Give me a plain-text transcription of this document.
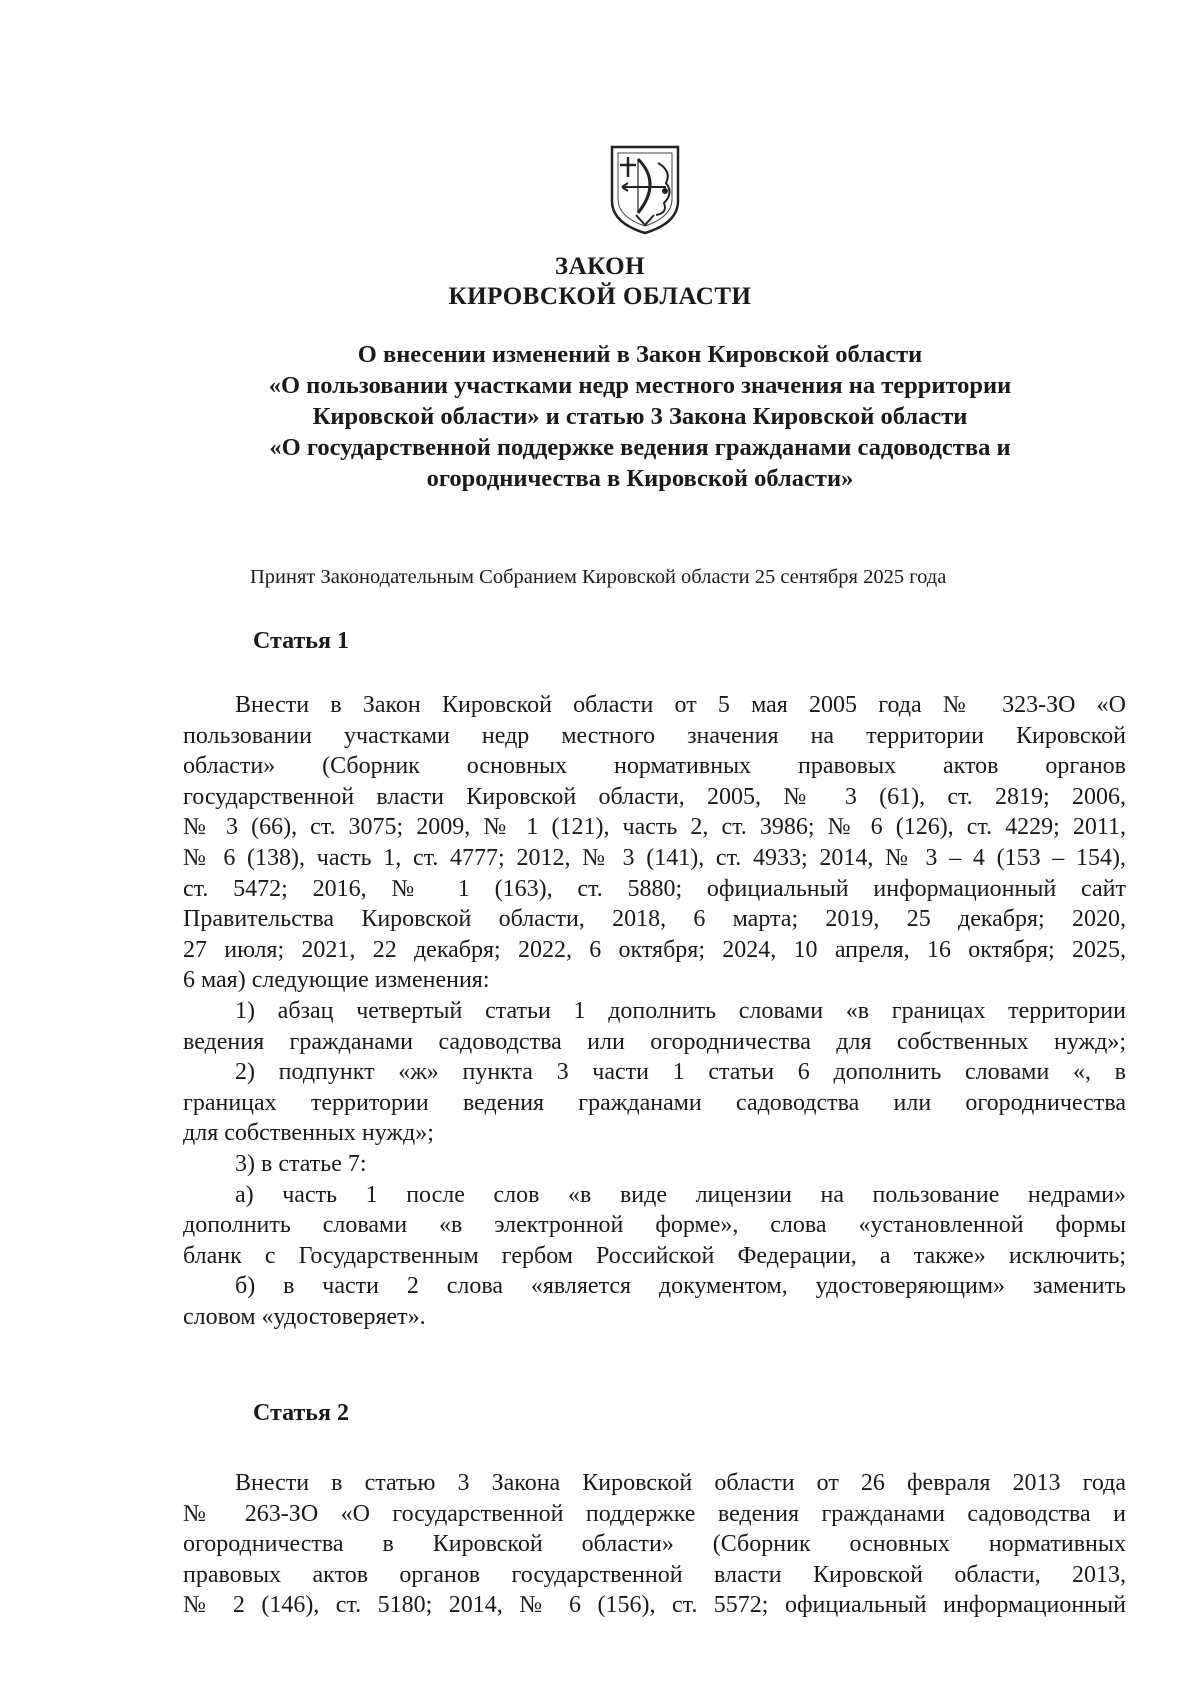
ЗАКОН
КИРОВСКОЙ ОБЛАСТИ
О внесении изменений в Закон Кировской области
«О пользовании участками недр местного значения на территории
Кировской области» и статью 3 Закона Кировской области
«О государственной поддержке ведения гражданами садоводства и
огородничества в Кировской области»
Принят Законодательным Собранием Кировской области 25 сентября 2025 года
Статья 1
Внести в Закон Кировской области от 5 мая 2005 года № 323-ЗО «О
пользовании участками недр местного значения на территории Кировской
области» (Сборник основных нормативных правовых актов органов
государственной власти Кировской области, 2005, № 3 (61), ст. 2819; 2006,
№ 3 (66), ст. 3075; 2009, № 1 (121), часть 2, ст. 3986; № 6 (126), ст. 4229; 2011,
№ 6 (138), часть 1, ст. 4777; 2012, № 3 (141), ст. 4933; 2014, № 3 – 4 (153 – 154),
ст. 5472; 2016, № 1 (163), ст. 5880; официальный информационный сайт
Правительства Кировской области, 2018, 6 марта; 2019, 25 декабря; 2020,
27 июля; 2021, 22 декабря; 2022, 6 октября; 2024, 10 апреля, 16 октября; 2025,
6 мая) следующие изменения:
1) абзац четвертый статьи 1 дополнить словами «в границах территории
ведения гражданами садоводства или огородничества для собственных нужд»;
2) подпункт «ж» пункта 3 части 1 статьи 6 дополнить словами «, в
границах территории ведения гражданами садоводства или огородничества
для собственных нужд»;
3) в статье 7:
а) часть 1 после слов «в виде лицензии на пользование недрами»
дополнить словами «в электронной форме», слова «установленной формы
бланк с Государственным гербом Российской Федерации, а также» исключить;
б) в части 2 слова «является документом, удостоверяющим» заменить
словом «удостоверяет».
Статья 2
Внести в статью 3 Закона Кировской области от 26 февраля 2013 года
№ 263-ЗО «О государственной поддержке ведения гражданами садоводства и
огородничества в Кировской области» (Сборник основных нормативных
правовых актов органов государственной власти Кировской области, 2013,
№ 2 (146), ст. 5180; 2014, № 6 (156), ст. 5572; официальный информационный
